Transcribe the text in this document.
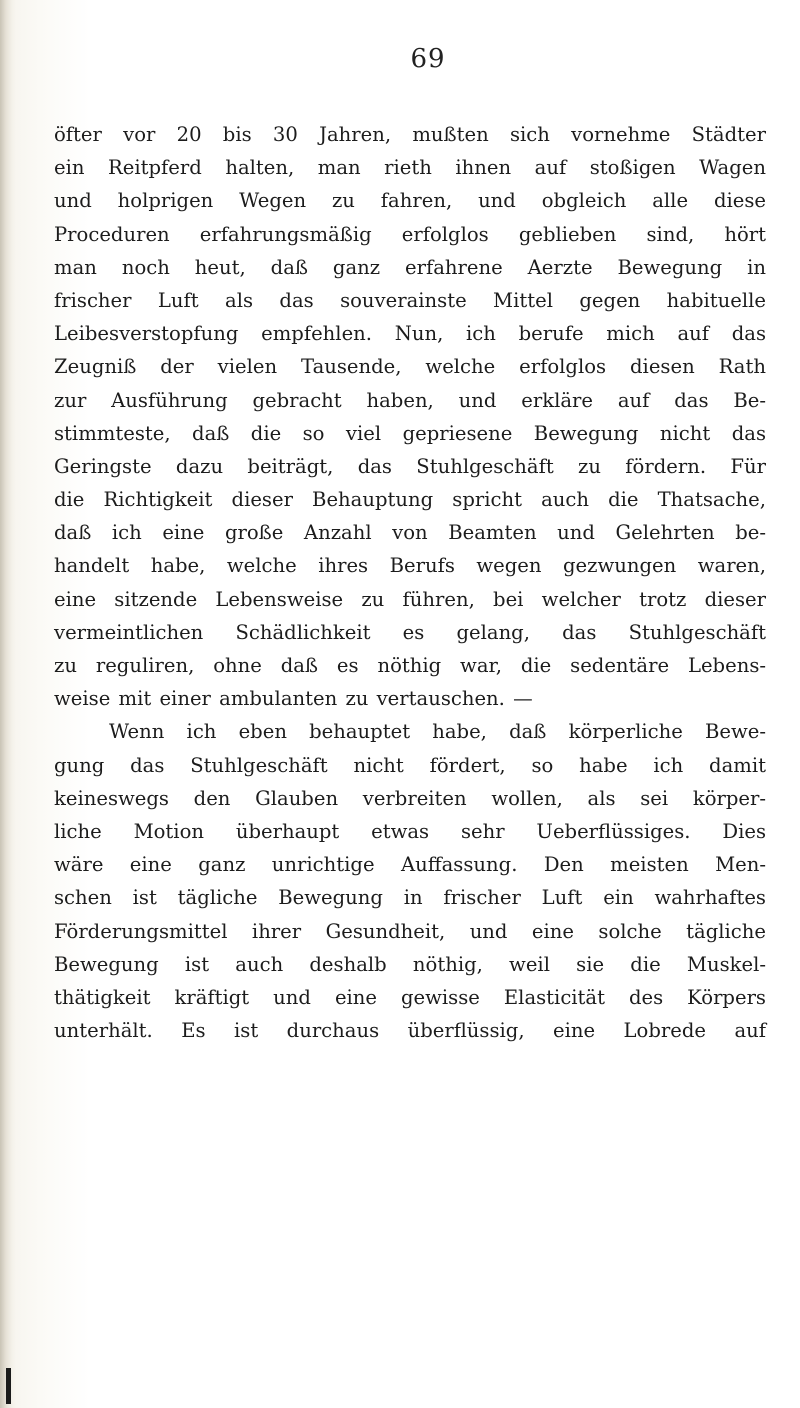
69
öfter vor 20 bis 30 Jahren, mußten sich vornehme Städter
ein Reitpferd halten, man rieth ihnen auf stoßigen Wagen
und holprigen Wegen zu fahren, und obgleich alle diese
Proceduren erfahrungsmäßig erfolglos geblieben sind, hört
man noch heut, daß ganz erfahrene Aerzte Bewegung in
frischer Luft als das souverainste Mittel gegen habituelle
Leibesverstopfung empfehlen. Nun, ich berufe mich auf das
Zeugniß der vielen Tausende, welche erfolglos diesen Rath
zur Ausführung gebracht haben, und erkläre auf das Be-
stimmteste, daß die so viel gepriesene Bewegung nicht das
Geringste dazu beiträgt, das Stuhlgeschäft zu fördern. Für
die Richtigkeit dieser Behauptung spricht auch die Thatsache,
daß ich eine große Anzahl von Beamten und Gelehrten be-
handelt habe, welche ihres Berufs wegen gezwungen waren,
eine sitzende Lebensweise zu führen, bei welcher trotz dieser
vermeintlichen Schädlichkeit es gelang, das Stuhlgeschäft
zu reguliren, ohne daß es nöthig war, die sedentäre Lebens-
weise mit einer ambulanten zu vertauschen. —
Wenn ich eben behauptet habe, daß körperliche Bewe-
gung das Stuhlgeschäft nicht fördert, so habe ich damit
keineswegs den Glauben verbreiten wollen, als sei körper-
liche Motion überhaupt etwas sehr Ueberflüssiges. Dies
wäre eine ganz unrichtige Auffassung. Den meisten Men-
schen ist tägliche Bewegung in frischer Luft ein wahrhaftes
Förderungsmittel ihrer Gesundheit, und eine solche tägliche
Bewegung ist auch deshalb nöthig, weil sie die Muskel-
thätigkeit kräftigt und eine gewisse Elasticität des Körpers
unterhält. Es ist durchaus überflüssig, eine Lobrede auf
